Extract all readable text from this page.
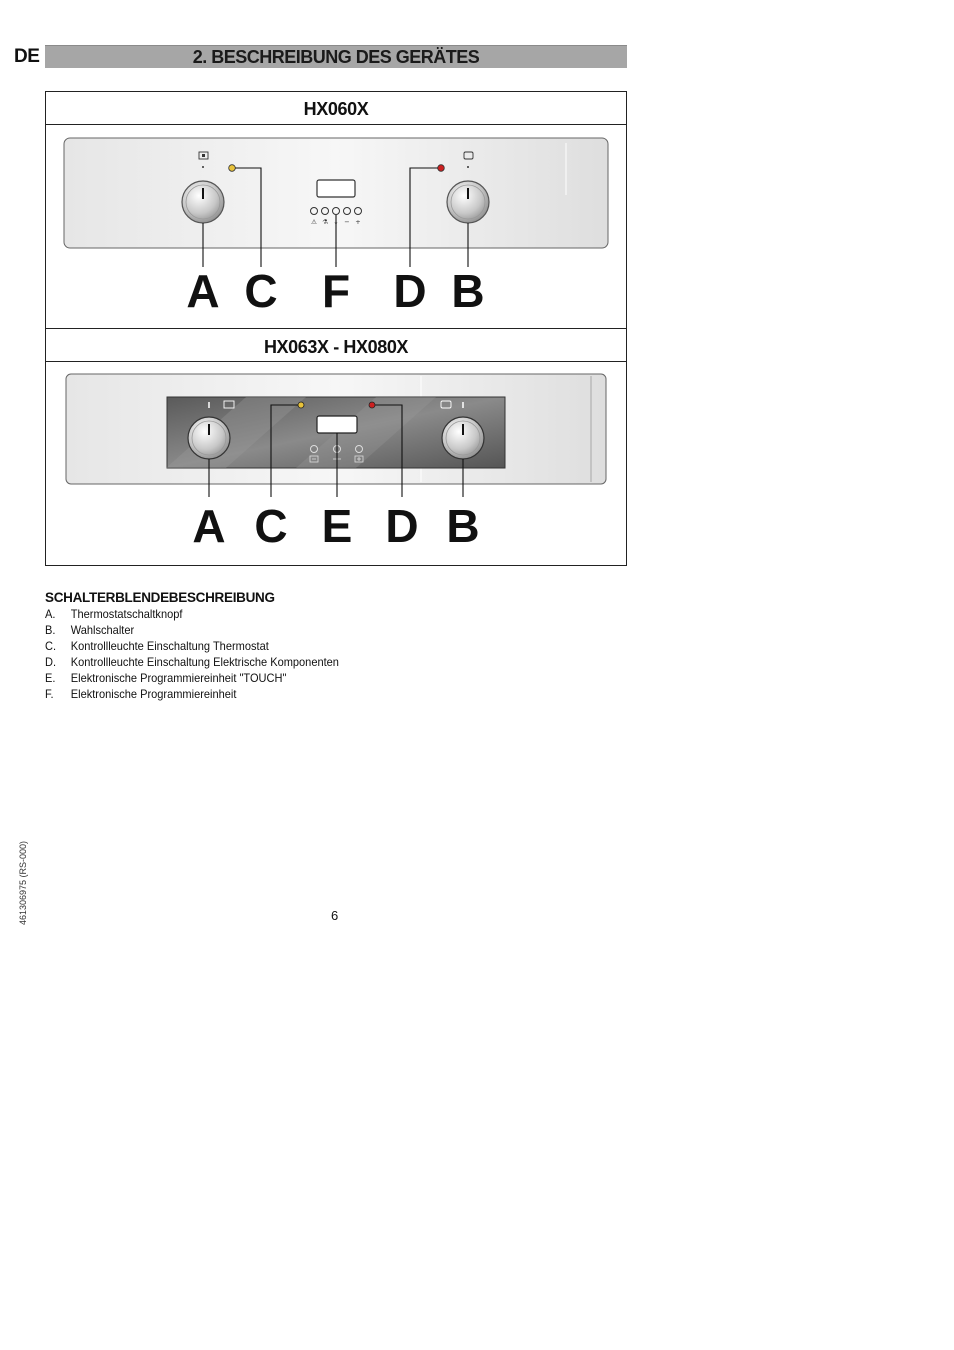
DE	2. BESCHREIBUNG DES GERÄTES
HX060X
⚠ ⚗ ↓ − +
A C F D B
HX063X - HX080X
A C E D B
SCHALTERBLENDEBESCHREIBUNG
A.	Thermostatschaltknopf
B.	Wahlschalter
C.	Kontrollleuchte Einschaltung Thermostat
D.	Kontrollleuchte Einschaltung Elektrische Komponenten
E.	Elektronische Programmiereinheit "TOUCH"
F.	Elektronische Programmiereinheit
6
461306975 (RS-000)
